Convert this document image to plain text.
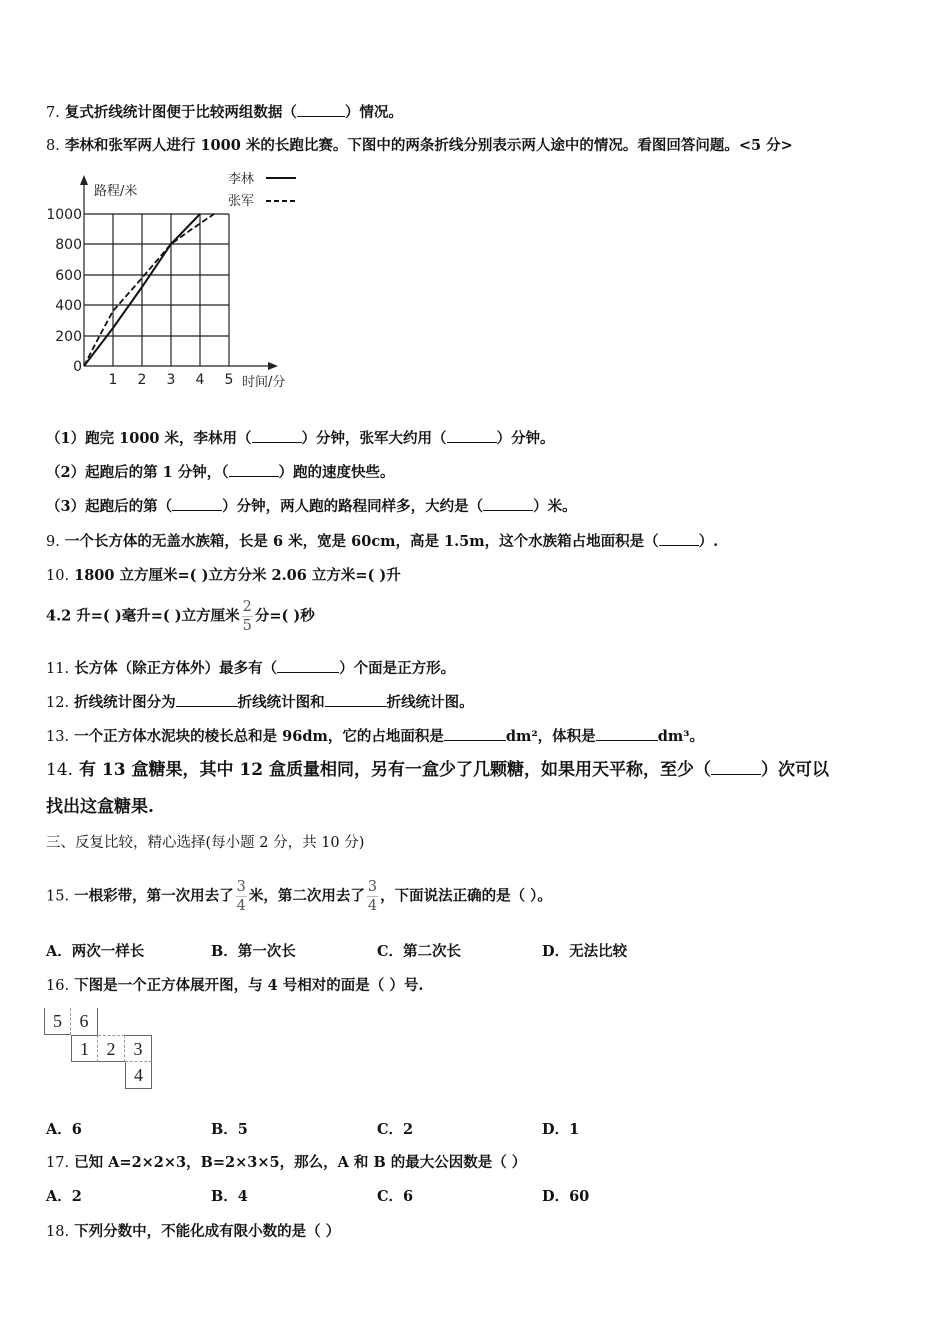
7. 复式折线统计图便于比较两组数据（	）情况。
8. 李林和张军两人进行 1000 米的长跑比赛。下图中的两条折线分别表示两人途中的情况。看图回答问题。<5 分>
0
200
400
600
800
1000
1 2 3 4 5
路程/米
时间/分
李林
张军
（1）跑完 1000 米，李林用（	）分钟，张军大约用（	）分钟。
（2）起跑后的第 1 分钟，（	）跑的速度快些。
（3）起跑后的第（	）分钟，两人跑的路程同样多，大约是（	）米。
9. 一个长方体的无盖水族箱，长是 6 米，宽是 60cm，高是 1.5m，这个水族箱占地面积是（	）.
10. 1800 立方厘米=( )立方分米 2.06 立方米=( )升
4.2 升=( )毫升=( )立方厘米 $\frac{2}{5}$ 分=( )秒
11. 长方体（除正方体外）最多有（	）个面是正方形。
12. 折线统计图分为	折线统计图和	折线统计图。
13. 一个正方体水泥块的棱长总和是 96dm，它的占地面积是	dm²，体积是	dm³。
14. 有 13 盒糖果，其中 12 盒质量相同，另有一盒少了几颗糖，如果用天平称，至少（	）次可以
找出这盒糖果.
三、反复比较，精心选择(每小题 2 分，共 10 分)
15. 一根彩带，第一次用去了 $\frac{3}{4}$ 米，第二次用去了 $\frac{3}{4}$ ，下面说法正确的是（ ）。
A．两次一样长	B．第一次长	C．第二次长	D．无法比较
16. 下图是一个正方体展开图，与 4 号相对的面是（ ）号.
5 6
1 2	3
4
A．6	B．5	C．2	D．1
17. 已知 A=2×2×3，B=2×3×5，那么，A 和 B 的最大公因数是（ ）
A．2	B．4	C．6	D．60
18. 下列分数中，不能化成有限小数的是（ ）
